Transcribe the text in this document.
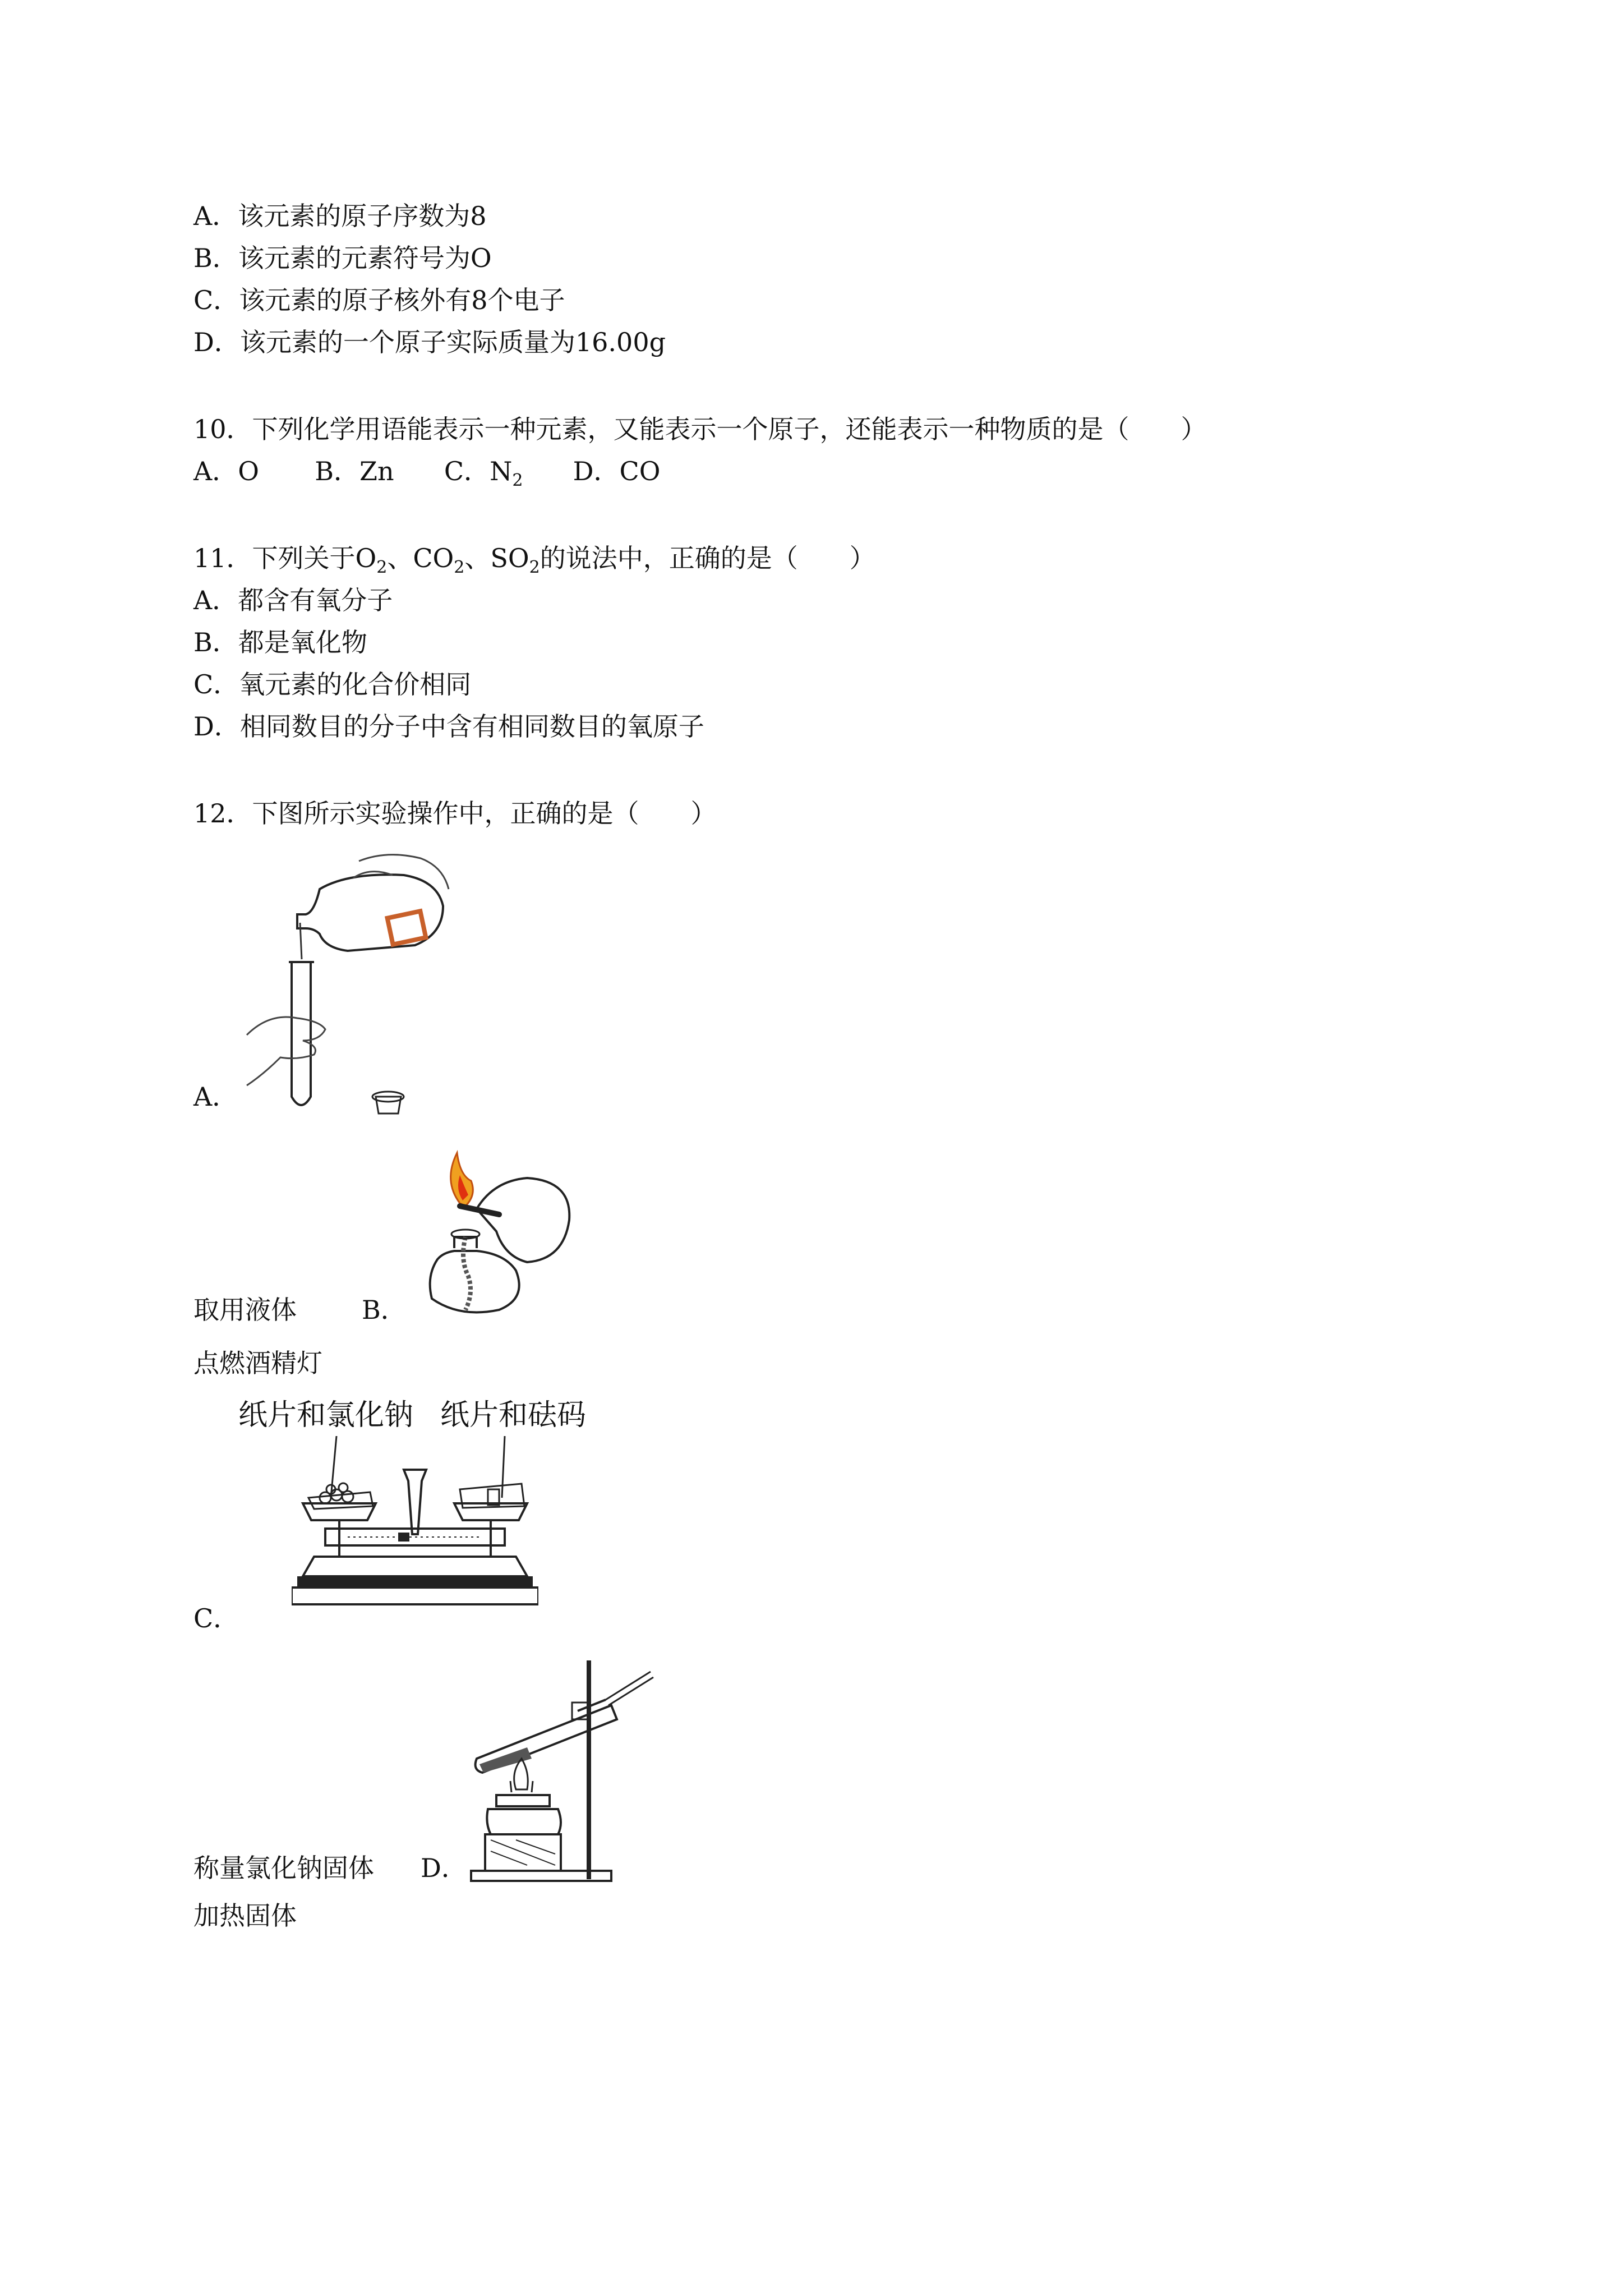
A．该元素的原子序数为8
B．该元素的元素符号为O
C．该元素的原子核外有8个电子
D．该元素的一个原子实际质量为16.00g
10．下列化学用语能表示一种元素，又能表示一个原子，还能表示一种物质的是（　　）
A．O B．Zn C．$N_2$ D．CO
11．下列关于$O_2$、$CO_2$、$SO_2$的说法中，正确的是（　　）
A．都含有氧分子
B．都是氧化物
C．氧元素的化合价相同
D．相同数目的分子中含有相同数目的氧原子
12．下图所示实验操作中，正确的是（　　）
A．
取用液体	B．
点燃酒精灯
纸片和氯化钠 纸片和砝码
C．
称量氯化钠固体 D．
加热固体
